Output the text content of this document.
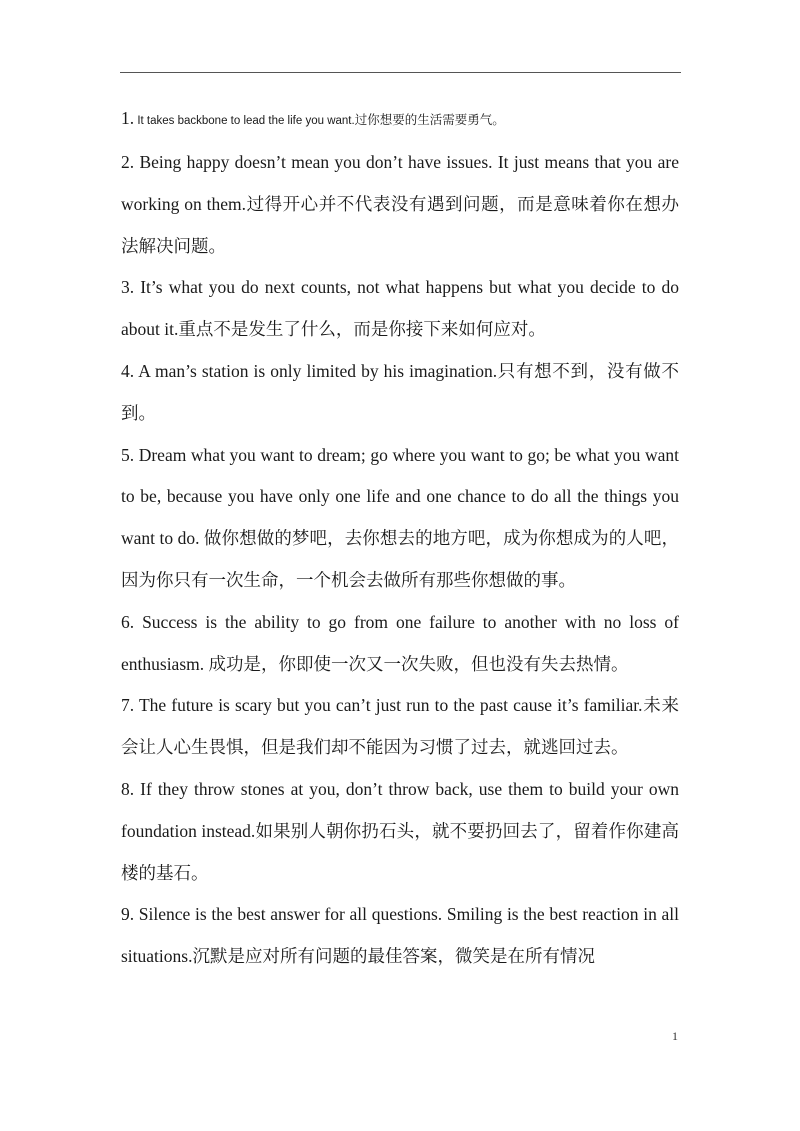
1. It takes backbone to lead the life you want.过你想要的生活需要勇气。

2. Being happy doesn’t mean you don’t have issues. It just means that you are working on them.过得开心并不代表没有遇到问题，而是意味着你在想办法解决问题。

3. It’s what you do next counts, not what happens but what you decide to do about it.重点不是发生了什么，而是你接下来如何应对。

4. A man’s station is only limited by his imagination.只有想不到，没有做不到。

5. Dream what you want to dream; go where you want to go; be what you want to be, because you have only one life and one chance to do all the things you want to do. 做你想做的梦吧，去你想去的地方吧，成为你想成为的人吧，因为你只有一次生命，一个机会去做所有那些你想做的事。

6. Success is the ability to go from one failure to another with no loss of enthusiasm. 成功是，你即使一次又一次失败，但也没有失去热情。

7. The future is scary but you can’t just run to the past cause it’s familiar.未来会让人心生畏惧，但是我们却不能因为习惯了过去，就逃回过去。

8. If they throw stones at you, don’t throw back, use them to build your own foundation instead.如果别人朝你扔石头，就不要扔回去了，留着作你建高楼的基石。

9. Silence is the best answer for all questions. Smiling is the best reaction in all situations.沉默是应对所有问题的最佳答案，微笑是在所有情况

1
